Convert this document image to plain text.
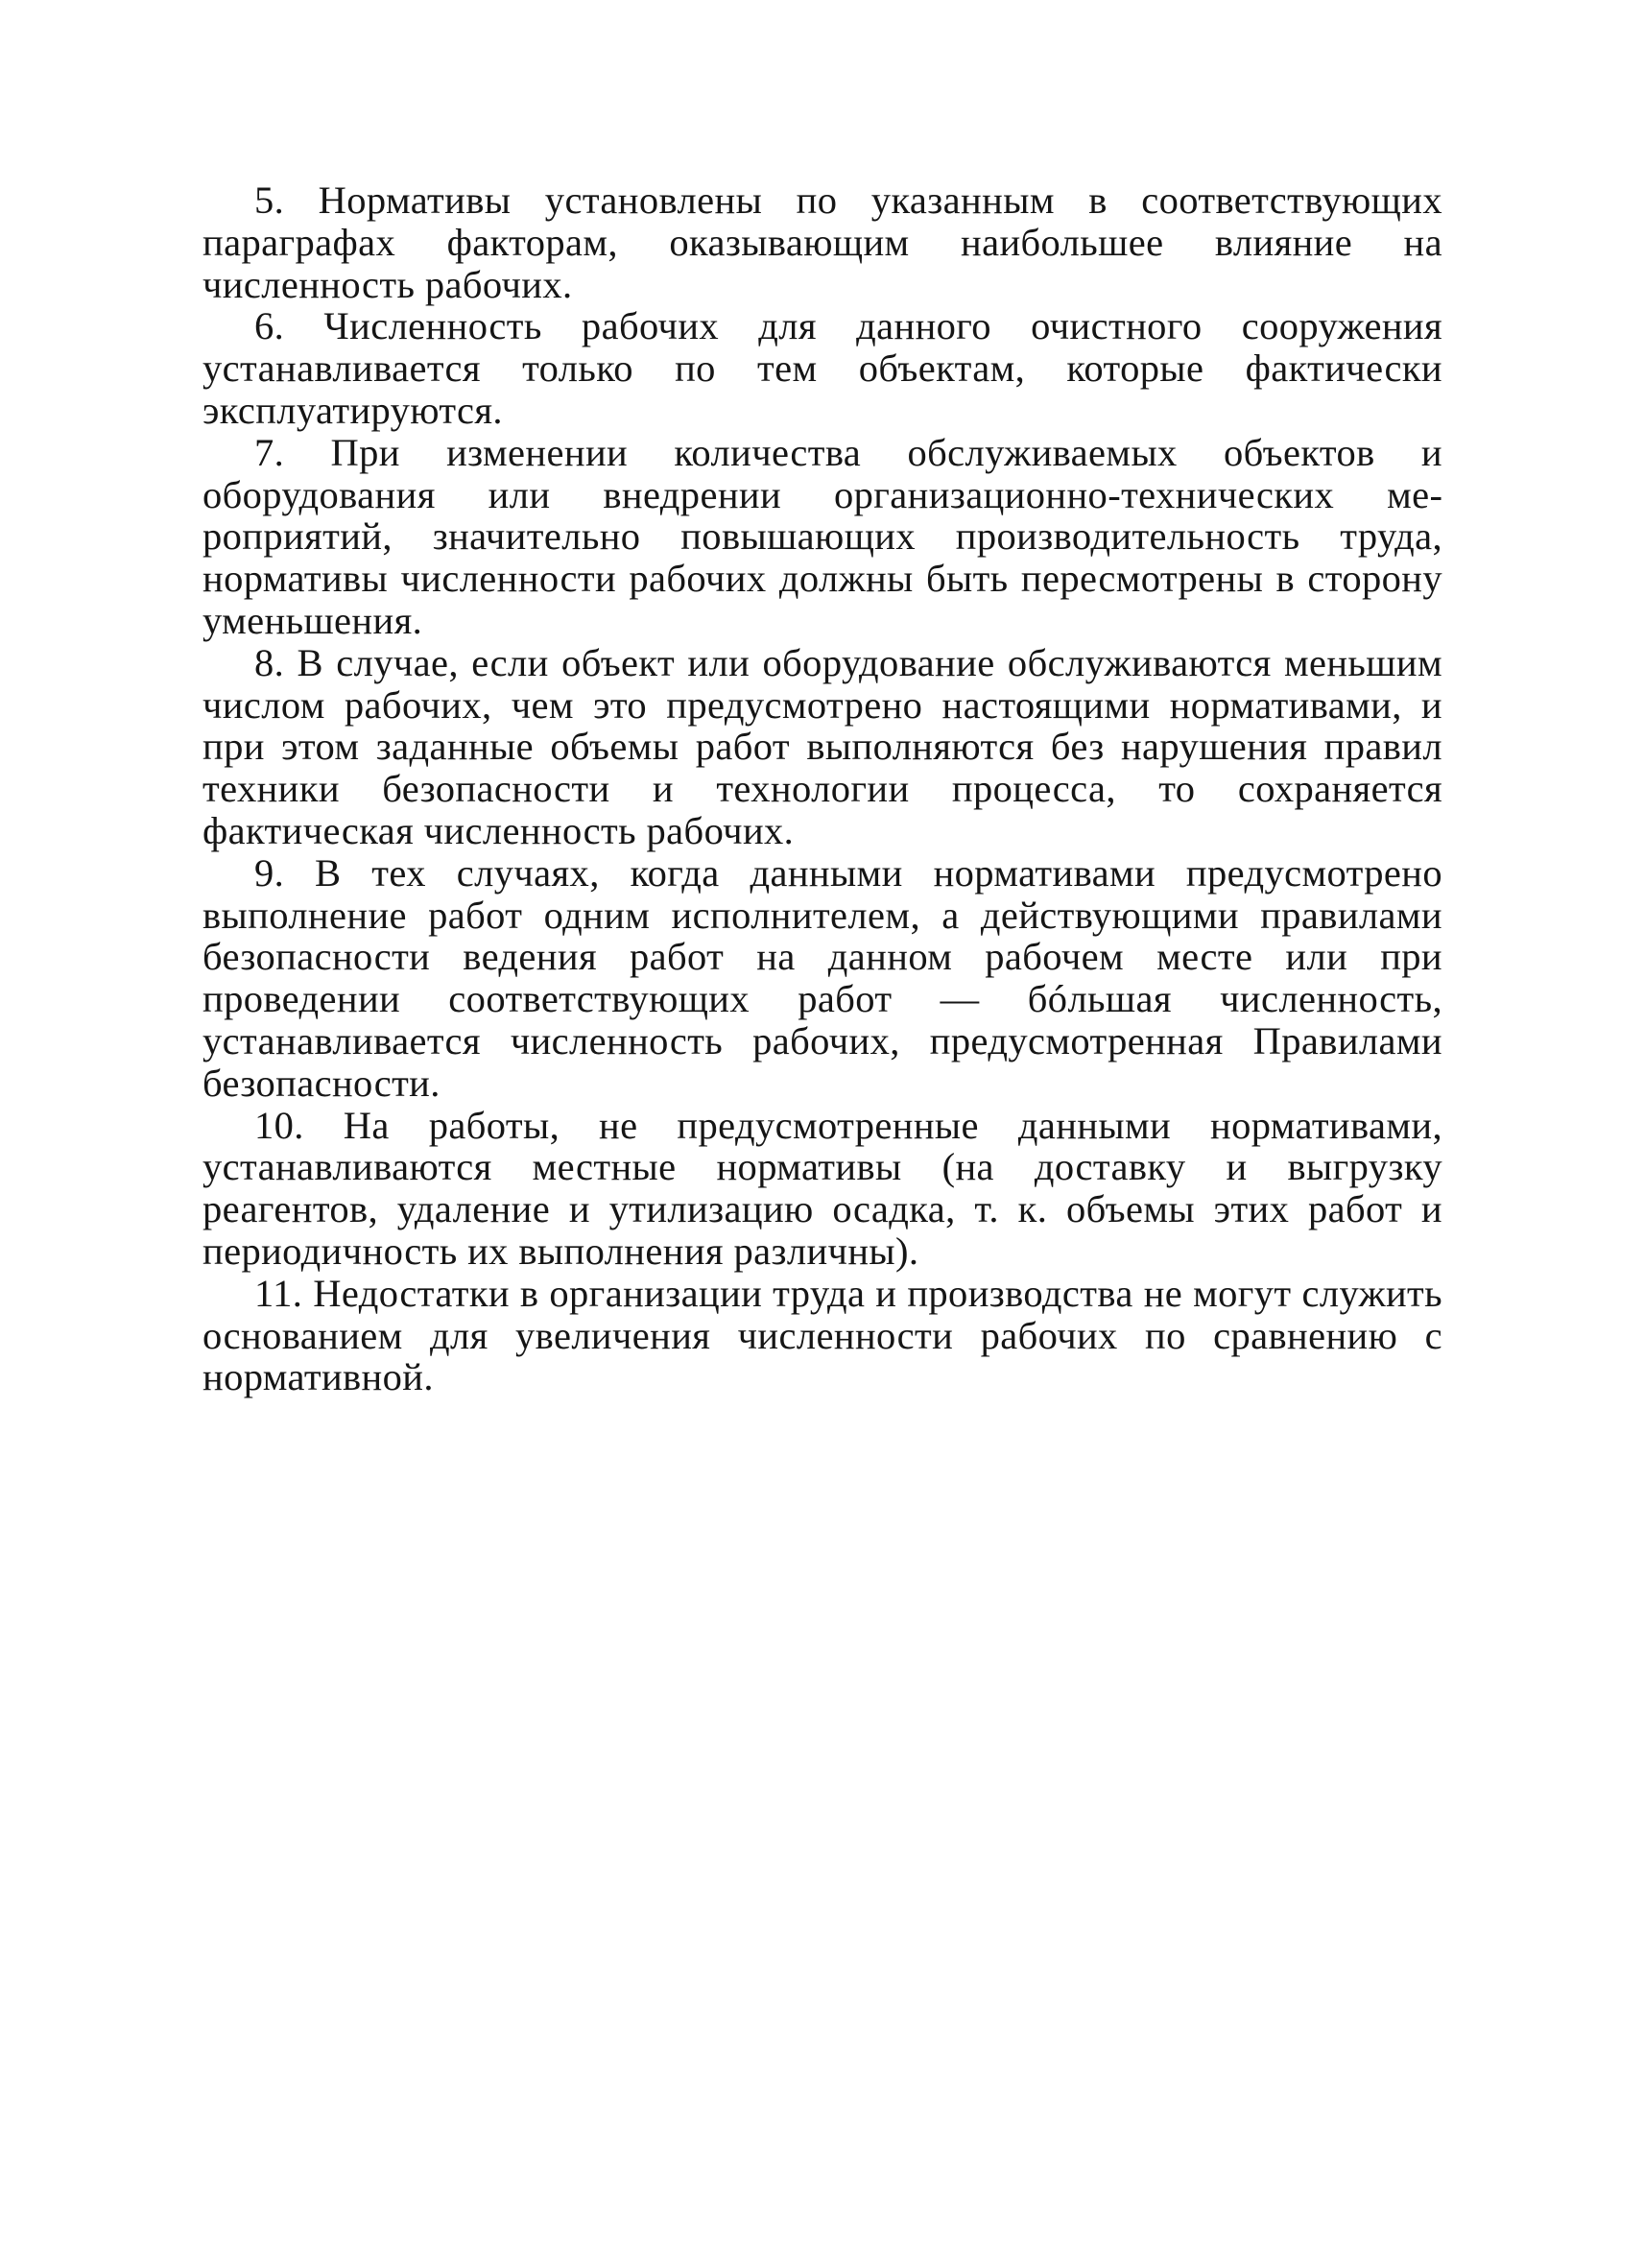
5. Нормативы установлены по указанным в соответствующих параграфах факторам, оказывающим наибольшее влияние на численность рабочих.

6. Численность рабочих для данного очистного сооружения устанавливается только по тем объектам, которые фактически эксплуатируются.

7. При изменении количества обслуживаемых объектов и оборудования или внедрении организационно-технических мероприятий, значительно повышающих производительность труда, нормативы численности рабочих должны быть пересмотрены в сторону уменьшения.

8. В случае, если объект или оборудование обслуживаются меньшим числом рабочих, чем это предусмотрено настоящими нормативами, и при этом заданные объемы работ выполняются без нарушения правил техники безопасности и технологии процесса, то сохраняется фактическая численность рабочих.

9. В тех случаях, когда данными нормативами предусмотрено выполнение работ одним исполнителем, а действующими правилами безопасности ведения работ на данном рабочем месте или при проведении соответствующих работ — бóльшая численность, устанавливается численность рабочих, предусмотренная Правилами безопасности.

10. На работы, не предусмотренные данными нормативами, устанавливаются местные нормативы (на доставку и выгрузку реагентов, удаление и утилизацию осадка, т. к. объемы этих работ и периодичность их выполнения различны).

11. Недостатки в организации труда и производства не могут служить основанием для увеличения численности рабочих по сравнению с нормативной.
